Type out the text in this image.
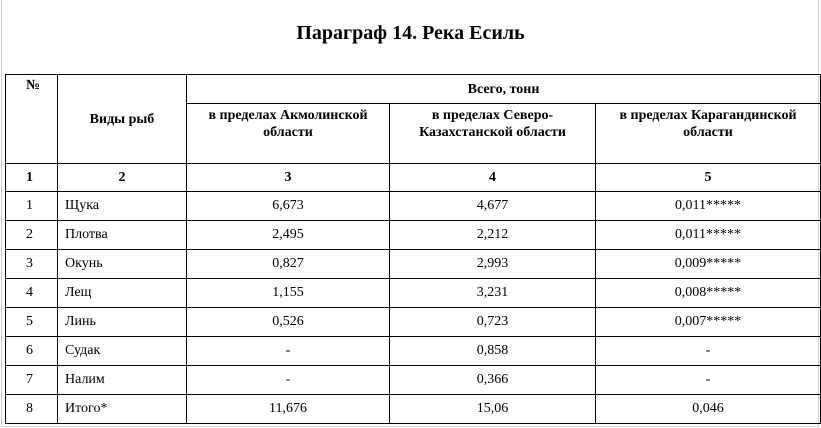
Параграф 14. Река Есиль
№	Виды рыб	Всего, тонн		
		в пределах Акмолинской области	в пределах Северо-Казахстанской области	в пределах Карагандинской области
1	2	3	4	5
1	Щука	6,673	4,677	0,011*****
2	Плотва	2,495	2,212	0,011*****
3	Окунь	0,827	2,993	0,009*****
4	Лещ	1,155	3,231	0,008*****
5	Линь	0,526	0,723	0,007*****
6	Судак	-	0,858	-
7	Налим	-	0,366	-
8	Итого*	11,676	15,06	0,046
